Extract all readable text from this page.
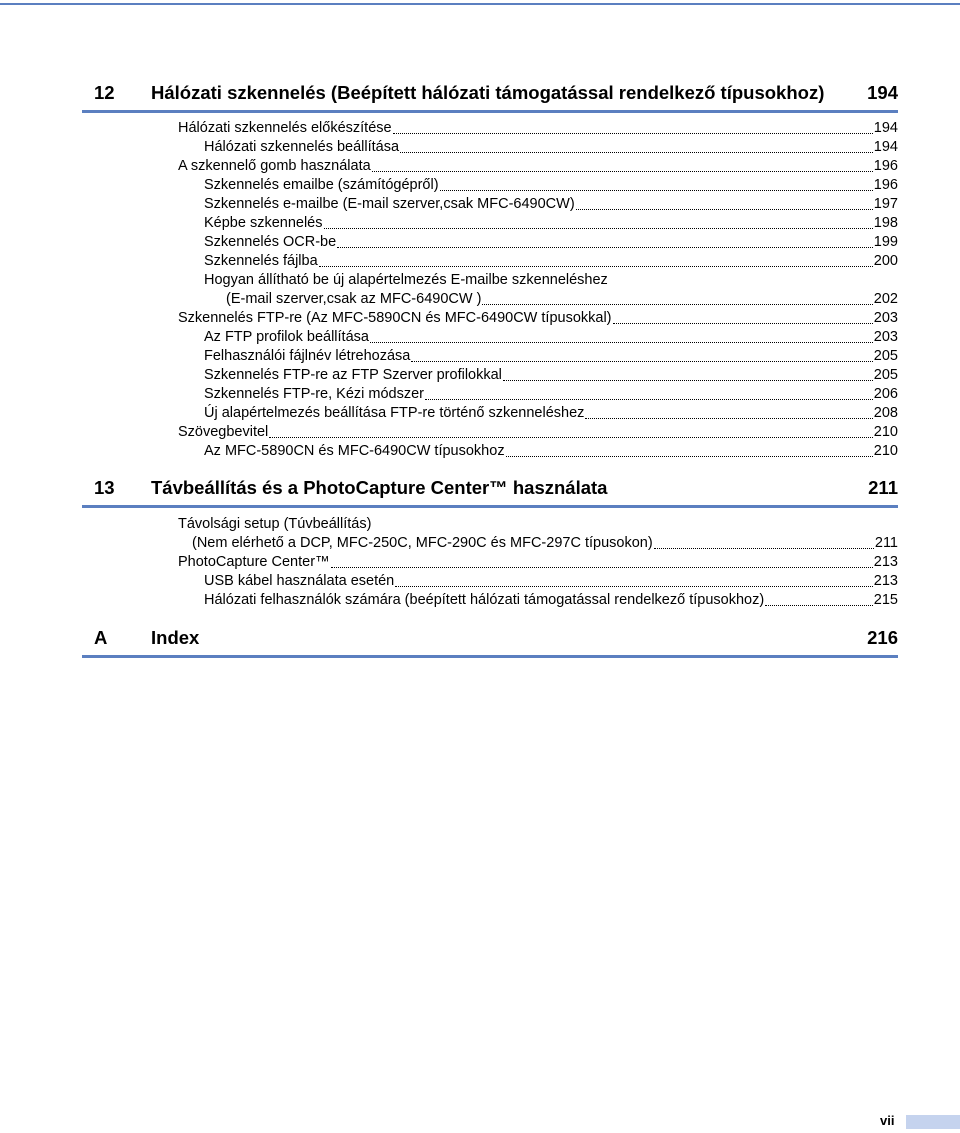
12 Hálózati szkennelés (Beépített hálózati támogatással rendelkező típusokhoz) 194
Hálózati szkennelés előkészítése	194
Hálózati szkennelés beállítása	194
A szkennelő gomb használata	196
Szkennelés emailbe (számítógépről)	196
Szkennelés e-mailbe (E-mail szerver,csak MFC-6490CW)	197
Képbe szkennelés	198
Szkennelés OCR-be	199
Szkennelés fájlba	200
Hogyan állítható be új alapértelmezés E-mailbe szkenneléshez
(E-mail szerver,csak az MFC-6490CW )	202
Szkennelés FTP-re (Az MFC-5890CN és MFC-6490CW típusokkal)	203
Az FTP profilok beállítása	203
Felhasználói fájlnév létrehozása	205
Szkennelés FTP-re az FTP Szerver profilokkal	205
Szkennelés FTP-re, Kézi módszer	206
Új alapértelmezés beállítása FTP-re történő szkenneléshez	208
Szövegbevitel	210
Az MFC-5890CN és MFC-6490CW típusokhoz	210
13 Távbeállítás és a PhotoCapture Center™ használata	211
Távolsági setup (Túvbeállítás)
(Nem elérhető a DCP, MFC-250C, MFC-290C és MFC-297C típusokon)	211
PhotoCapture Center™	213
USB kábel használata esetén	213
Hálózati felhasználók számára (beépített hálózati támogatással rendelkező típusokhoz)	215
A Index	216
vii
